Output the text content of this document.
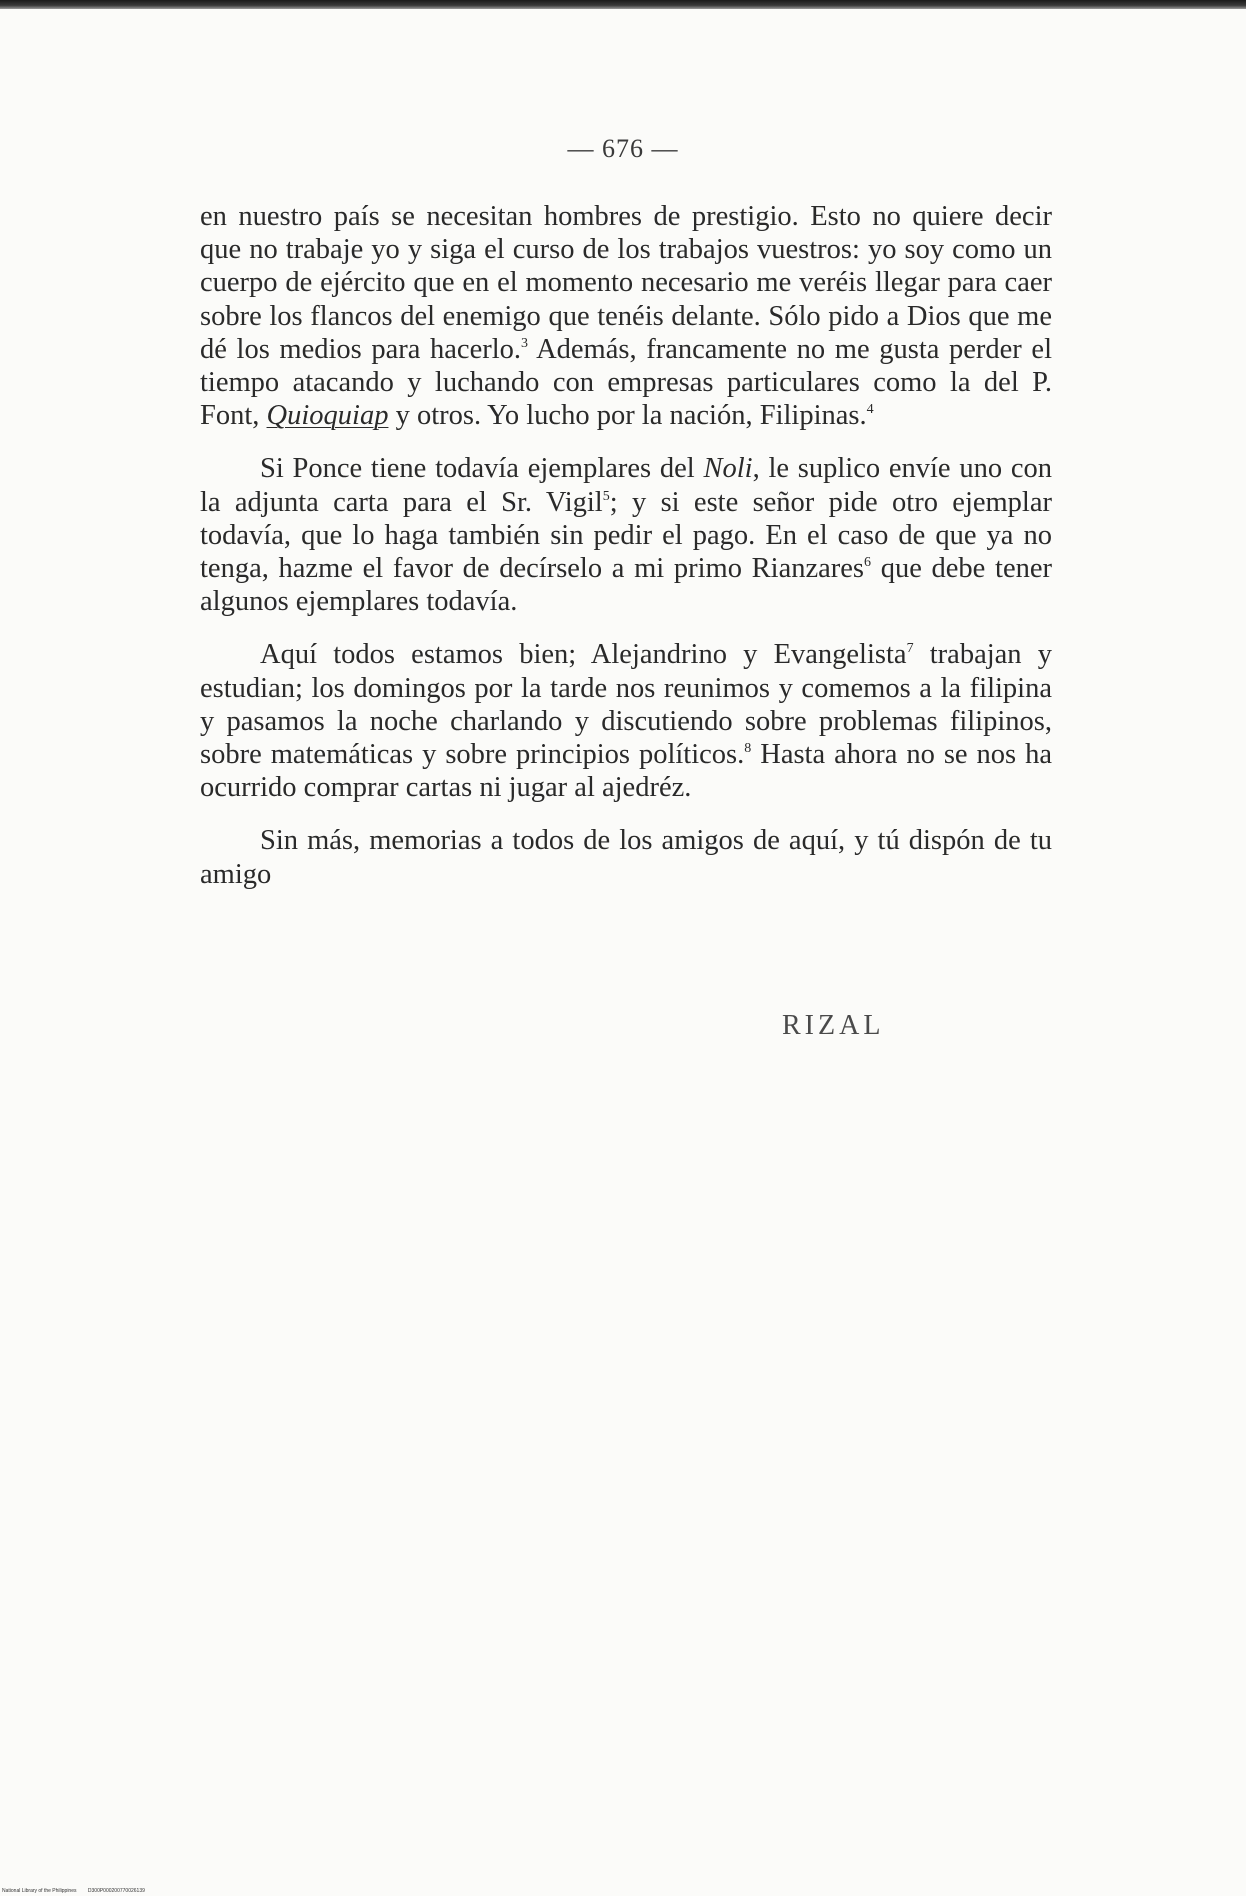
— 676 —

en nuestro país se necesitan hombres de prestigio. Esto no quiere decir que no trabaje yo y siga el curso de los trabajos vuestros: yo soy como un cuerpo de ejército que en el momento necesario me veréis llegar para caer sobre los flancos del enemigo que tenéis delante. Sólo pido a Dios que me dé los medios para hacerlo.$^3$ Además, francamente no me gusta perder el tiempo atacando y luchando con empresas particulares como la del P. Font, Quioquiap y otros. Yo lucho por la nación, Filipinas.$^4$

Si Ponce tiene todavía ejemplares del Noli, le suplico envíe uno con la adjunta carta para el Sr. Vigil$^5$; y si este señor pide otro ejemplar todavía, que lo haga también sin pedir el pago. En el caso de que ya no tenga, hazme el favor de decírselo a mi primo Rianzares$^6$ que debe tener algunos ejemplares todavía.

Aquí todos estamos bien; Alejandrino y Evangelista$^7$ trabajan y estudian; los domingos por la tarde nos reunimos y comemos a la filipina y pasamos la noche charlando y discutiendo sobre problemas filipinos, sobre matemáticas y sobre principios políticos.$^8$ Hasta ahora no se nos ha ocurrido comprar cartas ni jugar al ajedréz.

Sin más, memorias a todos de los amigos de aquí, y tú dispón de tu amigo

RIZAL
National Library of the Philippines D300P000200770026139
